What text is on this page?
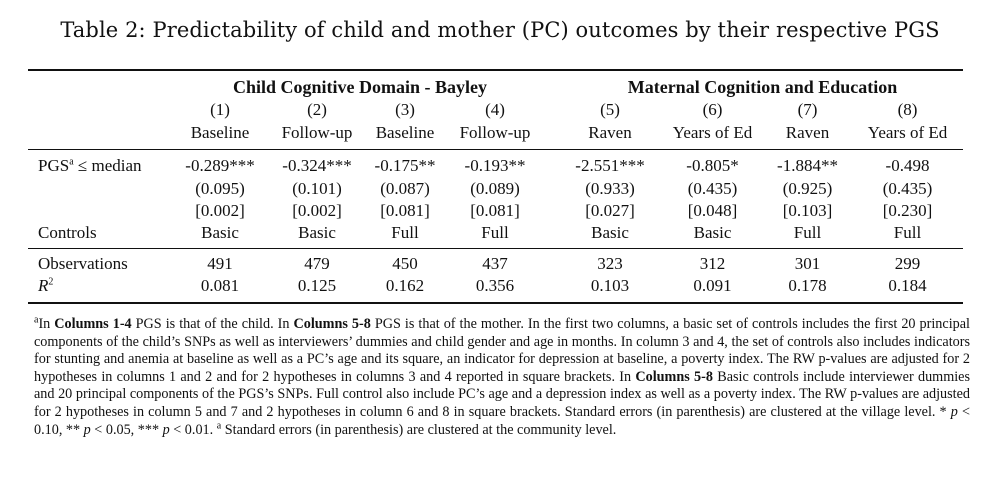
Table 2: Predictability of child and mother (PC) outcomes by their respective PGS
Child Cognitive Domain - Bayley	Maternal Cognition and Education
(1)	(2)	(3)	(4)	(5)	(6)	(7)	(8)
Baseline	Follow-up	Baseline	Follow-up	Raven	Years of Ed	Raven	Years of Ed
$PGS^a$ ≤ median	-0.289***	-0.324***	-0.175**	-0.193**	-2.551***	-0.805*	-1.884**	-0.498
(0.095)	(0.101)	(0.087)	(0.089)	(0.933)	(0.435)	(0.925)	(0.435)
[0.002]	[0.002]	[0.081]	[0.081]	[0.027]	[0.048]	[0.103]	[0.230]
Controls	Basic	Basic	Full	Full	Basic	Basic	Full	Full
Observations	491	479	450	437	323	312	301	299
$R^2$	0.081	0.125	0.162	0.356	0.103	0.091	0.178	0.184
$^a$In Columns 1-4 PGS is that of the child. In Columns 5-8 PGS is that of the mother. In the first two columns, a basic set of controls includes the first 20 principal components of the child’s SNPs as well as interviewers’ dummies and child gender and age in months. In column 3 and 4, the set of controls also includes indicators for stunting and anemia at baseline as well as a PC’s age and its square, an indicator for depression at baseline, a poverty index. The RW p-values are adjusted for 2 hypotheses in columns 1 and 2 and for 2 hypotheses in columns 3 and 4 reported in square brackets. In Columns 5-8 Basic controls include interviewer dummies and 20 principal components of the PGS’s SNPs. Full control also include PC’s age and a depression index as well as a poverty index. The RW p-values are adjusted for 2 hypotheses in column 5 and 7 and 2 hypotheses in column 6 and 8 in square brackets. Standard errors (in parenthesis) are clustered at the village level. * p < 0.10, ** p < 0.05, *** p < 0.01. $^a$ Standard errors (in parenthesis) are clustered at the community level.
